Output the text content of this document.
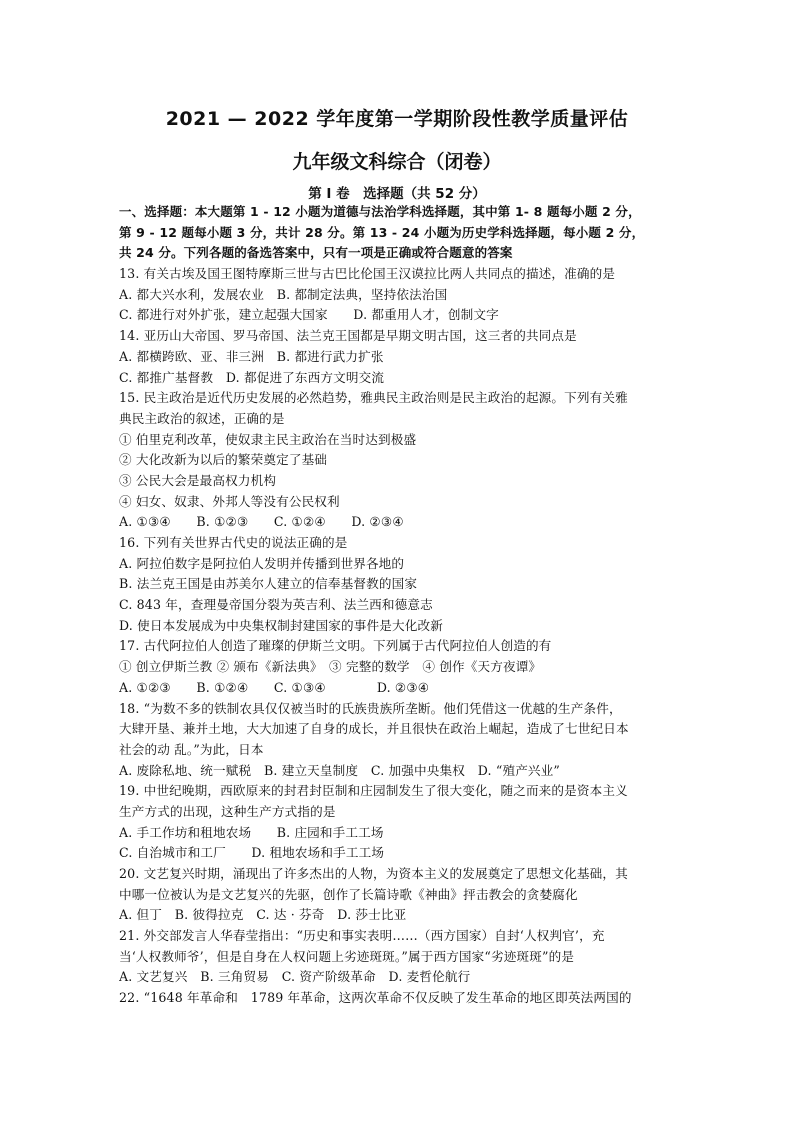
2021 — 2022 学年度第一学期阶段性教学质量评估
九年级文科综合（闭卷）
第 Ⅰ 卷　选择题（共 52 分）
一、选择题：本大题第 1 - 12 小题为道德与法治学科选择题，其中第 1- 8 题每小题 2 分，
第 9 - 12 题每小题 3 分，共计 28 分。第 13 - 24 小题为历史学科选择题，每小题 2 分，
共 24 分。下列各题的备选答案中，只有一项是正确或符合题意的答案
13. 有关古埃及国王图特摩斯三世与古巴比伦国王汉谟拉比两人共同点的描述，准确的是
A. 都大兴水利，发展农业　B. 都制定法典，坚持依法治国
C. 都进行对外扩张，建立起强大国家　　D. 都重用人才，创制文字
14. 亚历山大帝国、罗马帝国、法兰克王国都是早期文明古国，这三者的共同点是
A. 都横跨欧、亚、非三洲　B. 都进行武力扩张
C. 都推广基督教　D. 都促进了东西方文明交流
15. 民主政治是近代历史发展的必然趋势，雅典民主政治则是民主政治的起源。下列有关雅
典民主政治的叙述，正确的是
① 伯里克利改革，使奴隶主民主政治在当时达到极盛
② 大化改新为以后的繁荣奠定了基础
③ 公民大会是最高权力机构
④ 妇女、奴隶、外邦人等没有公民权利
A. ①③④　　B. ①②③　　C. ①②④　　D. ②③④
16. 下列有关世界古代史的说法正确的是
A. 阿拉伯数字是阿拉伯人发明并传播到世界各地的
B. 法兰克王国是由苏美尔人建立的信奉基督教的国家
C. 843 年，查理曼帝国分裂为英吉利、法兰西和德意志
D. 使日本发展成为中央集权制封建国家的事件是大化改新
17. 古代阿拉伯人创造了璀璨的伊斯兰文明。下列属于古代阿拉伯人创造的有
① 创立伊斯兰教 ② 颁布《新法典》　③ 完整的数学　④ 创作《天方夜谭》
A. ①②③　　B. ①②④　　C. ①③④　　　　D. ②③④
18. “为数不多的铁制农具仅仅被当时的氏族贵族所垄断。他们凭借这一优越的生产条件，
大肆开垦、兼并土地，大大加速了自身的成长，并且很快在政治上崛起，造成了七世纪日本
社会的动 乱。”为此，日本
A. 废除私地、统一赋税　B. 建立天皇制度　C. 加强中央集权　D. “殖产兴业”
19. 中世纪晚期，西欧原来的封君封臣制和庄园制发生了很大变化，随之而来的是资本主义
生产方式的出现，这种生产方式指的是
A. 手工作坊和租地农场　　B. 庄园和手工工场
C. 自治城市和工厂　　D. 租地农场和手工工场
20. 文艺复兴时期，涌现出了许多杰出的人物，为资本主义的发展奠定了思想文化基础，其
中哪一位被认为是文艺复兴的先驱，创作了长篇诗歌《神曲》抨击教会的贪婪腐化
A. 但丁　B. 彼得拉克　C. 达 · 芬奇　D. 莎士比亚
21. 外交部发言人华春莹指出：“历史和事实表明……（西方国家）自封‘人权判官’，充
当‘人权教师爷’，但是自身在人权问题上劣迹斑斑。”属于西方国家“劣迹斑斑”的是
A. 文艺复兴　B. 三角贸易　C. 资产阶级革命　D. 麦哲伦航行
22. “1648 年革命和　1789 年革命，这两次革命不仅反映了发生革命的地区即英法两国的
